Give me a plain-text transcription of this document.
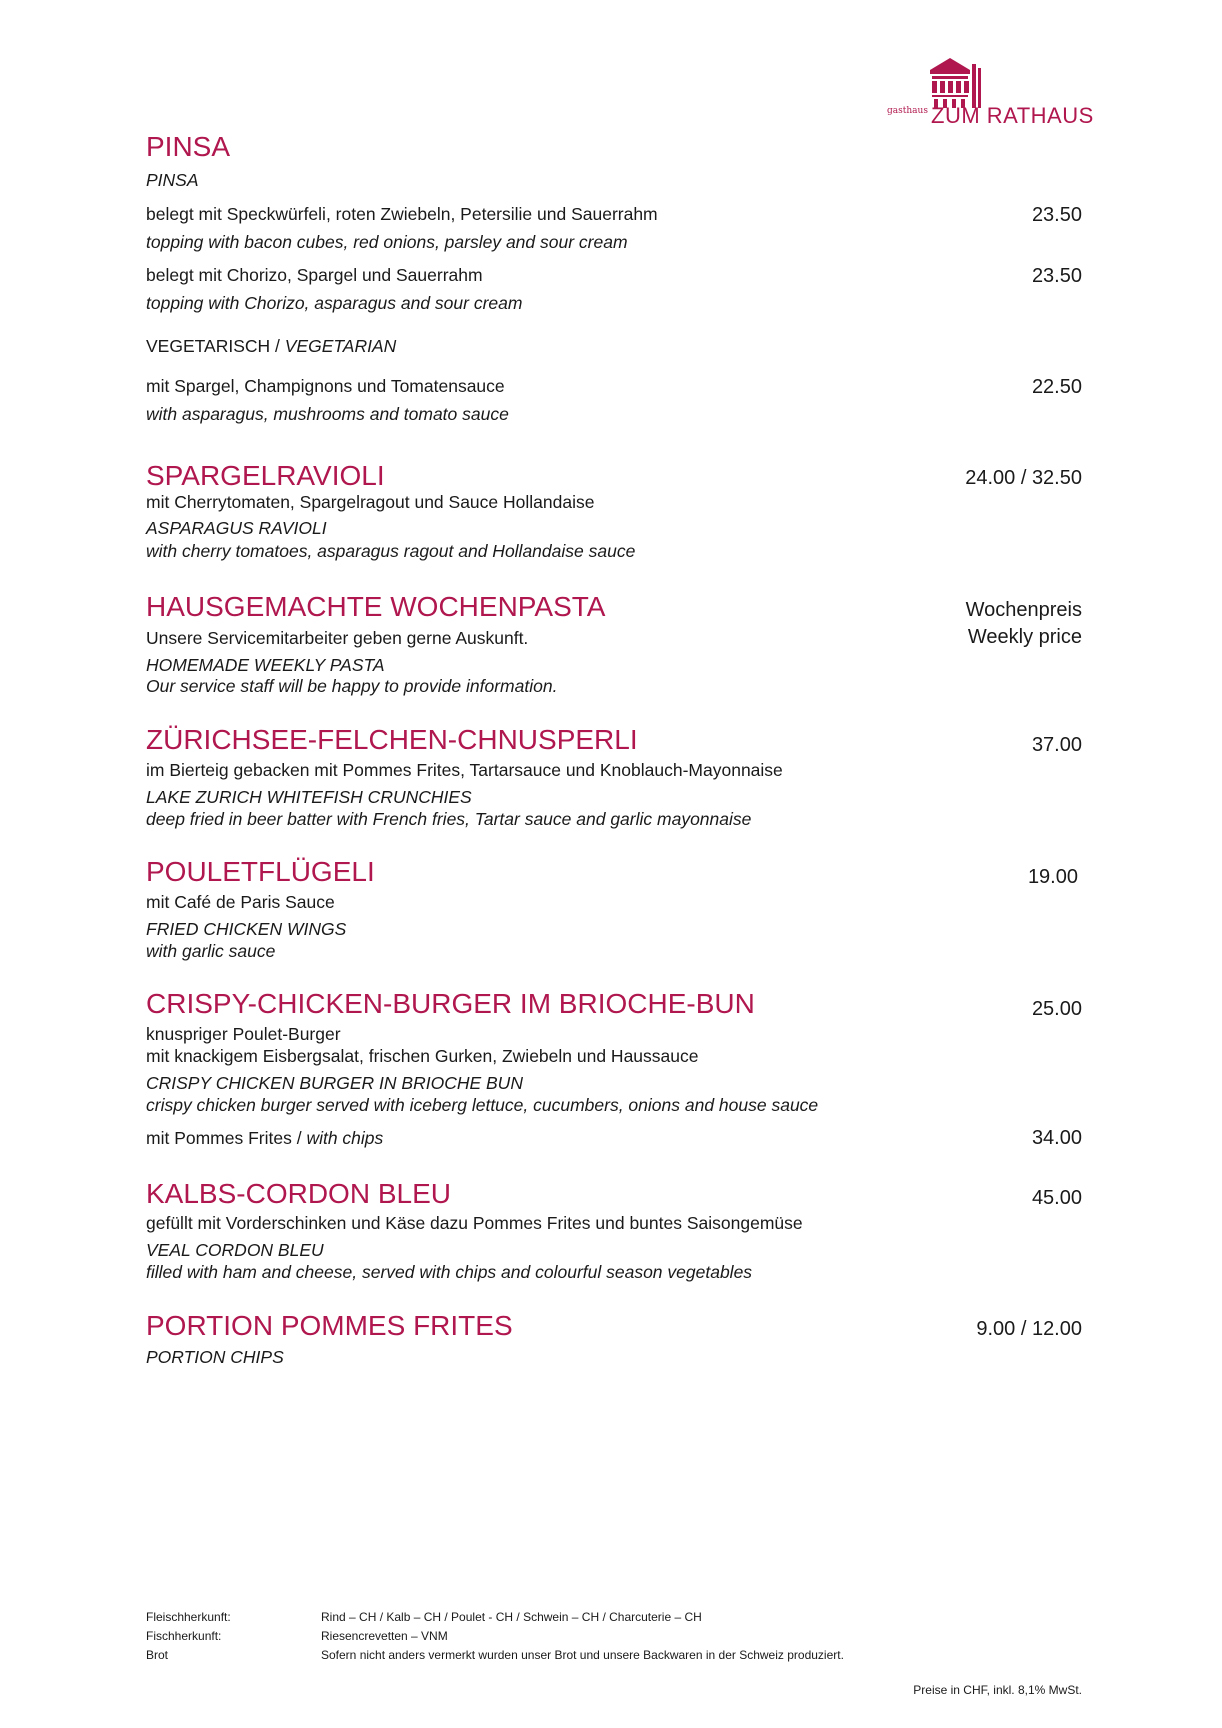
gasthaus ZUM RATHAUS
PINSA
PINSA
belegt mit Speckwürfeli, roten Zwiebeln, Petersilie und Sauerrahm	23.50
topping with bacon cubes, red onions, parsley and sour cream
belegt mit Chorizo, Spargel und Sauerrahm	23.50
topping with Chorizo, asparagus and sour cream
VEGETARISCH / VEGETARIAN
mit Spargel, Champignons und Tomatensauce	22.50
with asparagus, mushrooms and tomato sauce
SPARGELRAVIOLI	24.00 / 32.50
mit Cherrytomaten, Spargelragout und Sauce Hollandaise
ASPARAGUS RAVIOLI
with cherry tomatoes, asparagus ragout and Hollandaise sauce
HAUSGEMACHTE WOCHENPASTA	Wochenpreis
Weekly price
Unsere Servicemitarbeiter geben gerne Auskunft.
HOMEMADE WEEKLY PASTA
Our service staff will be happy to provide information.
ZÜRICHSEE-FELCHEN-CHNUSPERLI	37.00
im Bierteig gebacken mit Pommes Frites, Tartarsauce und Knoblauch-Mayonnaise
LAKE ZURICH WHITEFISH CRUNCHIES
deep fried in beer batter with French fries, Tartar sauce and garlic mayonnaise
POULETFLÜGELI	19.00
mit Café de Paris Sauce
FRIED CHICKEN WINGS
with garlic sauce
CRISPY-CHICKEN-BURGER IM BRIOCHE-BUN	25.00
knuspriger Poulet-Burger
mit knackigem Eisbergsalat, frischen Gurken, Zwiebeln und Haussauce
CRISPY CHICKEN BURGER IN BRIOCHE BUN
crispy chicken burger served with iceberg lettuce, cucumbers, onions and house sauce
mit Pommes Frites / with chips	34.00
KALBS-CORDON BLEU	45.00
gefüllt mit Vorderschinken und Käse dazu Pommes Frites und buntes Saisongemüse
VEAL CORDON BLEU
filled with ham and cheese, served with chips and colourful season vegetables
PORTION POMMES FRITES	9.00 / 12.00
PORTION CHIPS
Fleischherkunft:	Rind – CH / Kalb – CH / Poulet - CH / Schwein – CH / Charcuterie – CH
Fischherkunft:	Riesencrevetten – VNM
Brot	Sofern nicht anders vermerkt wurden unser Brot und unsere Backwaren in der Schweiz produziert.
Preise in CHF, inkl. 8,1% MwSt.
